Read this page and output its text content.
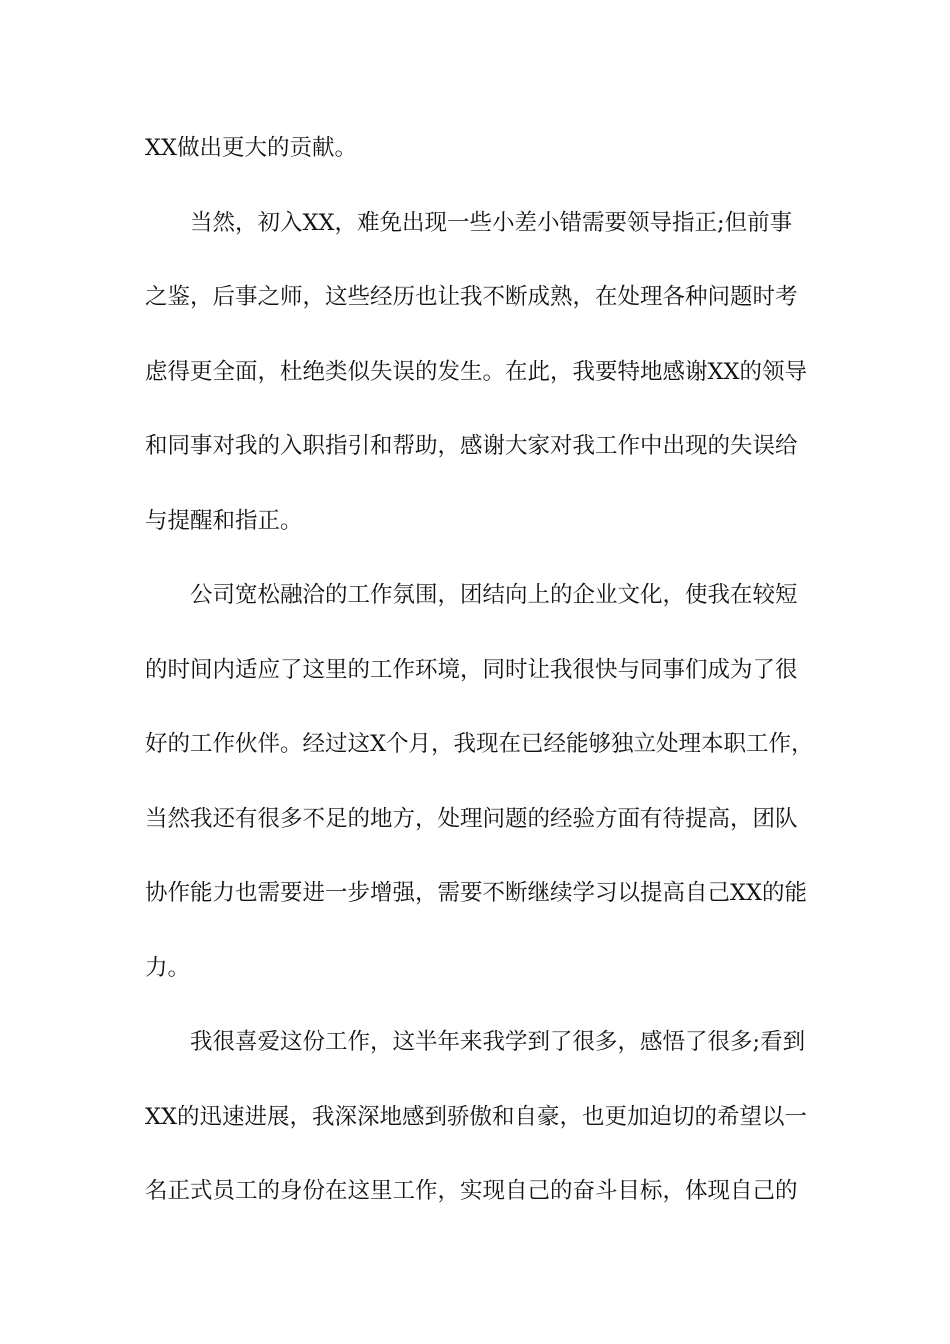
XX做出更大的贡献。
当然，初入XX，难免出现一些小差小错需要领导指正;但前事
之鉴，后事之师，这些经历也让我不断成熟，在处理各种问题时考
虑得更全面，杜绝类似失误的发生。在此，我要特地感谢XX的领导
和同事对我的入职指引和帮助，感谢大家对我工作中出现的失误给
与提醒和指正。
公司宽松融洽的工作氛围，团结向上的企业文化，使我在较短
的时间内适应了这里的工作环境，同时让我很快与同事们成为了很
好的工作伙伴。经过这X个月，我现在已经能够独立处理本职工作，
当然我还有很多不足的地方，处理问题的经验方面有待提高，团队
协作能力也需要进一步增强，需要不断继续学习以提高自己XX的能
力。
我很喜爱这份工作，这半年来我学到了很多，感悟了很多;看到
XX的迅速进展，我深深地感到骄傲和自豪，也更加迫切的希望以一
名正式员工的身份在这里工作，实现自己的奋斗目标，体现自己的
